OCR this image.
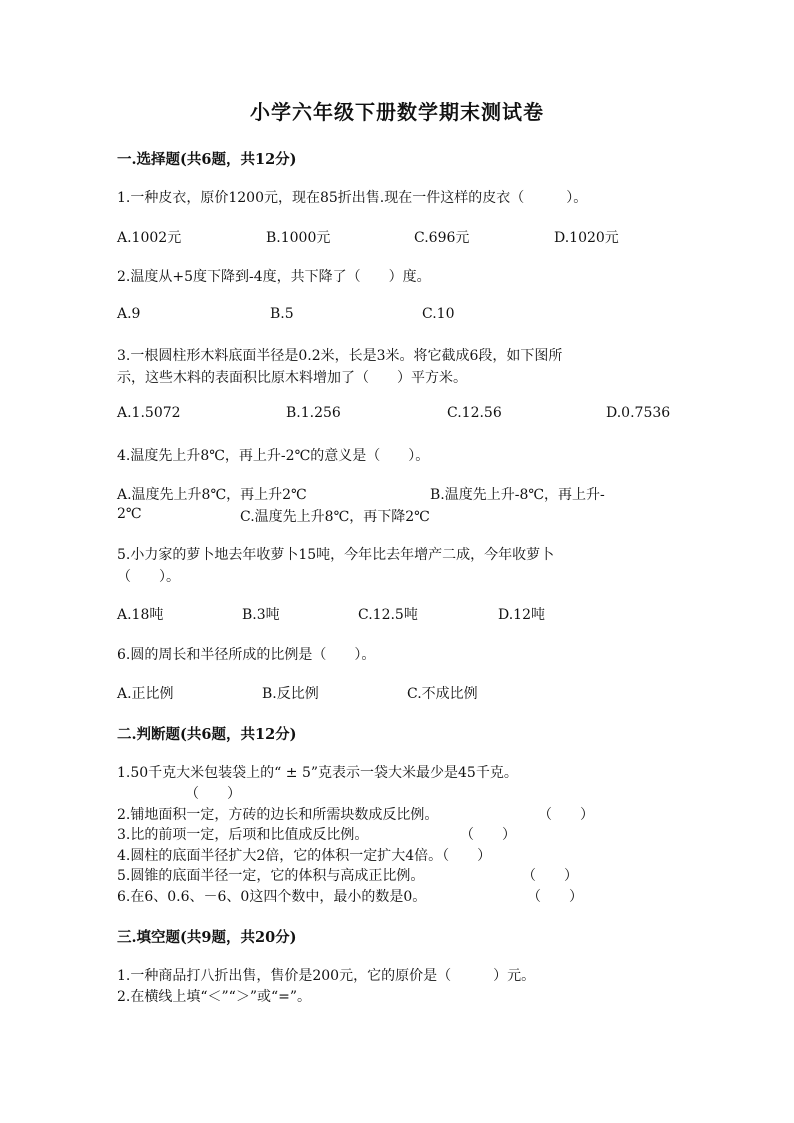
小学六年级下册数学期末测试卷
一.选择题(共6题，共12分)
1.一种皮衣，原价1200元，现在85折出售.现在一件这样的皮衣（　　　）。
A.1002元	B.1000元	C.696元	D.1020元
2.温度从+5度下降到-4度，共下降了（　　）度。
A.9	B.5	C.10
3.一根圆柱形木料底面半径是0.2米，长是3米。将它截成6段，如下图所
示，这些木料的表面积比原木料增加了（　　）平方米。
A.1.5072	B.1.256	C.12.56	D.0.7536
4.温度先上升8℃，再上升-2℃的意义是（　　）。
A.温度先上升8℃，再上升2℃	B.温度先上升-8℃，再上升-
2℃	C.温度先上升8℃，再下降2℃
5.小力家的萝卜地去年收萝卜15吨，今年比去年增产二成，今年收萝卜
（　　）。
A.18吨	B.3吨	C.12.5吨	D.12吨
6.圆的周长和半径所成的比例是（　　）。
A.正比例	B.反比例	C.不成比例
二.判断题(共6题，共12分)
1.50千克大米包装袋上的“ ± 5”克表示一袋大米最少是45千克。
（　　）
2.铺地面积一定，方砖的边长和所需块数成反比例。	（　　）
3.比的前项一定，后项和比值成反比例。	（　　）
4.圆柱的底面半径扩大2倍，它的体积一定扩大4倍。（　　）
5.圆锥的底面半径一定，它的体积与高成正比例。	（　　）
6.在6、0.6、－6、0这四个数中，最小的数是0。	（　　）
三.填空题(共9题，共20分)
1.一种商品打八折出售，售价是200元，它的原价是（　　　）元。
2.在横线上填“＜”“＞”或“=”。
